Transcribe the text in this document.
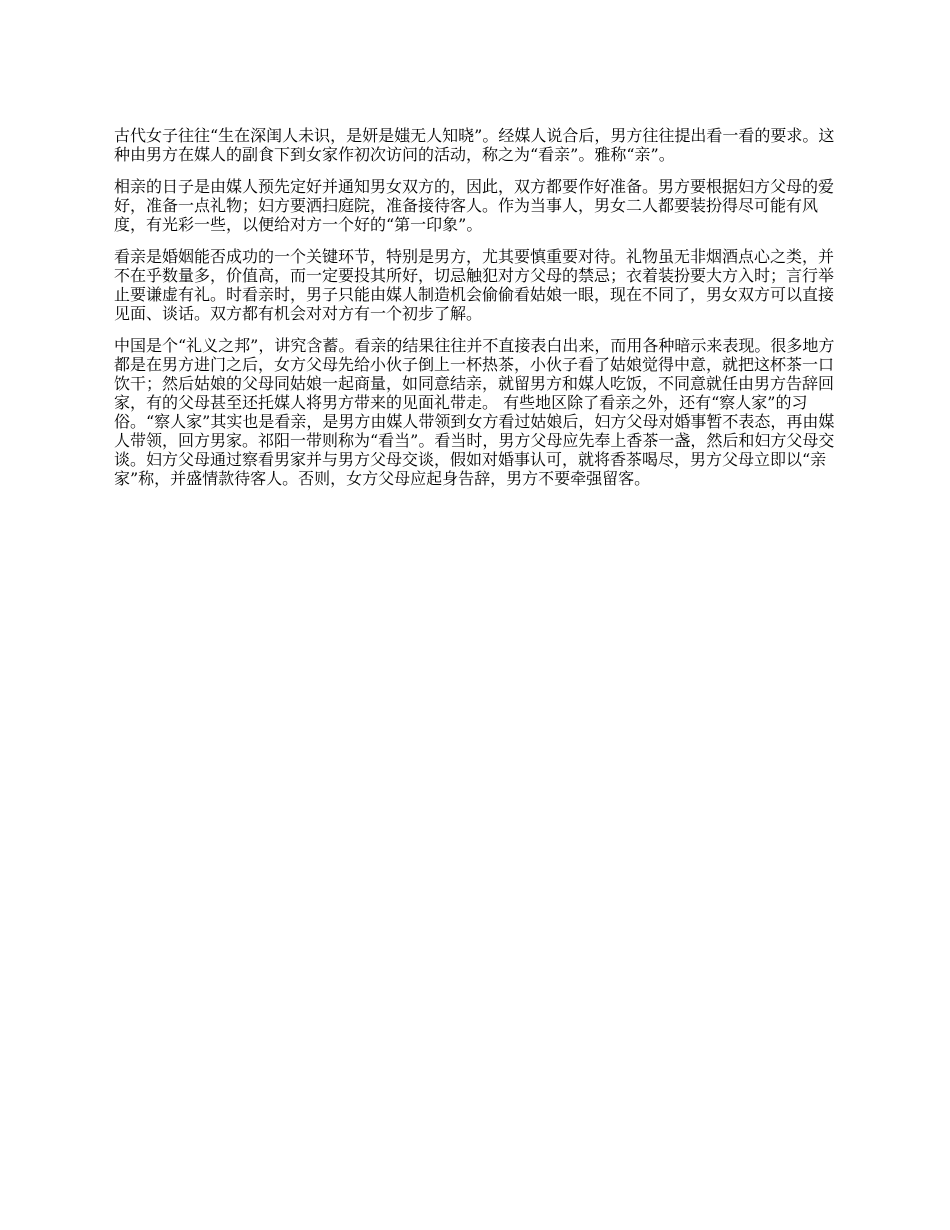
古代女子往往“生在深闺人未识，是妍是媸无人知晓”。经媒人说合后，男方往往提出看一看的要求。这种由男方在媒人的副食下到女家作初次访问的活动，称之为“看亲”。雅称“亲”。

相亲的日子是由媒人预先定好并通知男女双方的，因此，双方都要作好准备。男方要根据妇方父母的爱好，准备一点礼物；妇方要洒扫庭院，准备接待客人。作为当事人，男女二人都要装扮得尽可能有风度，有光彩一些，以便给对方一个好的“第一印象”。

看亲是婚姻能否成功的一个关键环节，特别是男方，尤其要慎重要对待。礼物虽无非烟酒点心之类，并不在乎数量多，价值高，而一定要投其所好，切忌触犯对方父母的禁忌；衣着装扮要大方入时；言行举止要谦虚有礼。时看亲时，男子只能由媒人制造机会偷偷看姑娘一眼，现在不同了，男女双方可以直接见面、谈话。双方都有机会对对方有一个初步了解。

中国是个“礼义之邦”，讲究含蓄。看亲的结果往往并不直接表白出来，而用各种暗示来表现。很多地方都是在男方进门之后，女方父母先给小伙子倒上一杯热茶，小伙子看了姑娘觉得中意，就把这杯茶一口饮干；然后姑娘的父母同姑娘一起商量，如同意结亲，就留男方和媒人吃饭，不同意就任由男方告辞回家，有的父母甚至还托媒人将男方带来的见面礼带走。 有些地区除了看亲之外，还有“察人家”的习俗。“察人家”其实也是看亲，是男方由媒人带领到女方看过姑娘后，妇方父母对婚事暂不表态，再由媒人带领，回方男家。祁阳一带则称为“看当”。看当时，男方父母应先奉上香茶一盏，然后和妇方父母交谈。妇方父母通过察看男家并与男方父母交谈，假如对婚事认可，就将香茶喝尽，男方父母立即以“亲家”称，并盛情款待客人。否则，女方父母应起身告辞，男方不要牵强留客。
